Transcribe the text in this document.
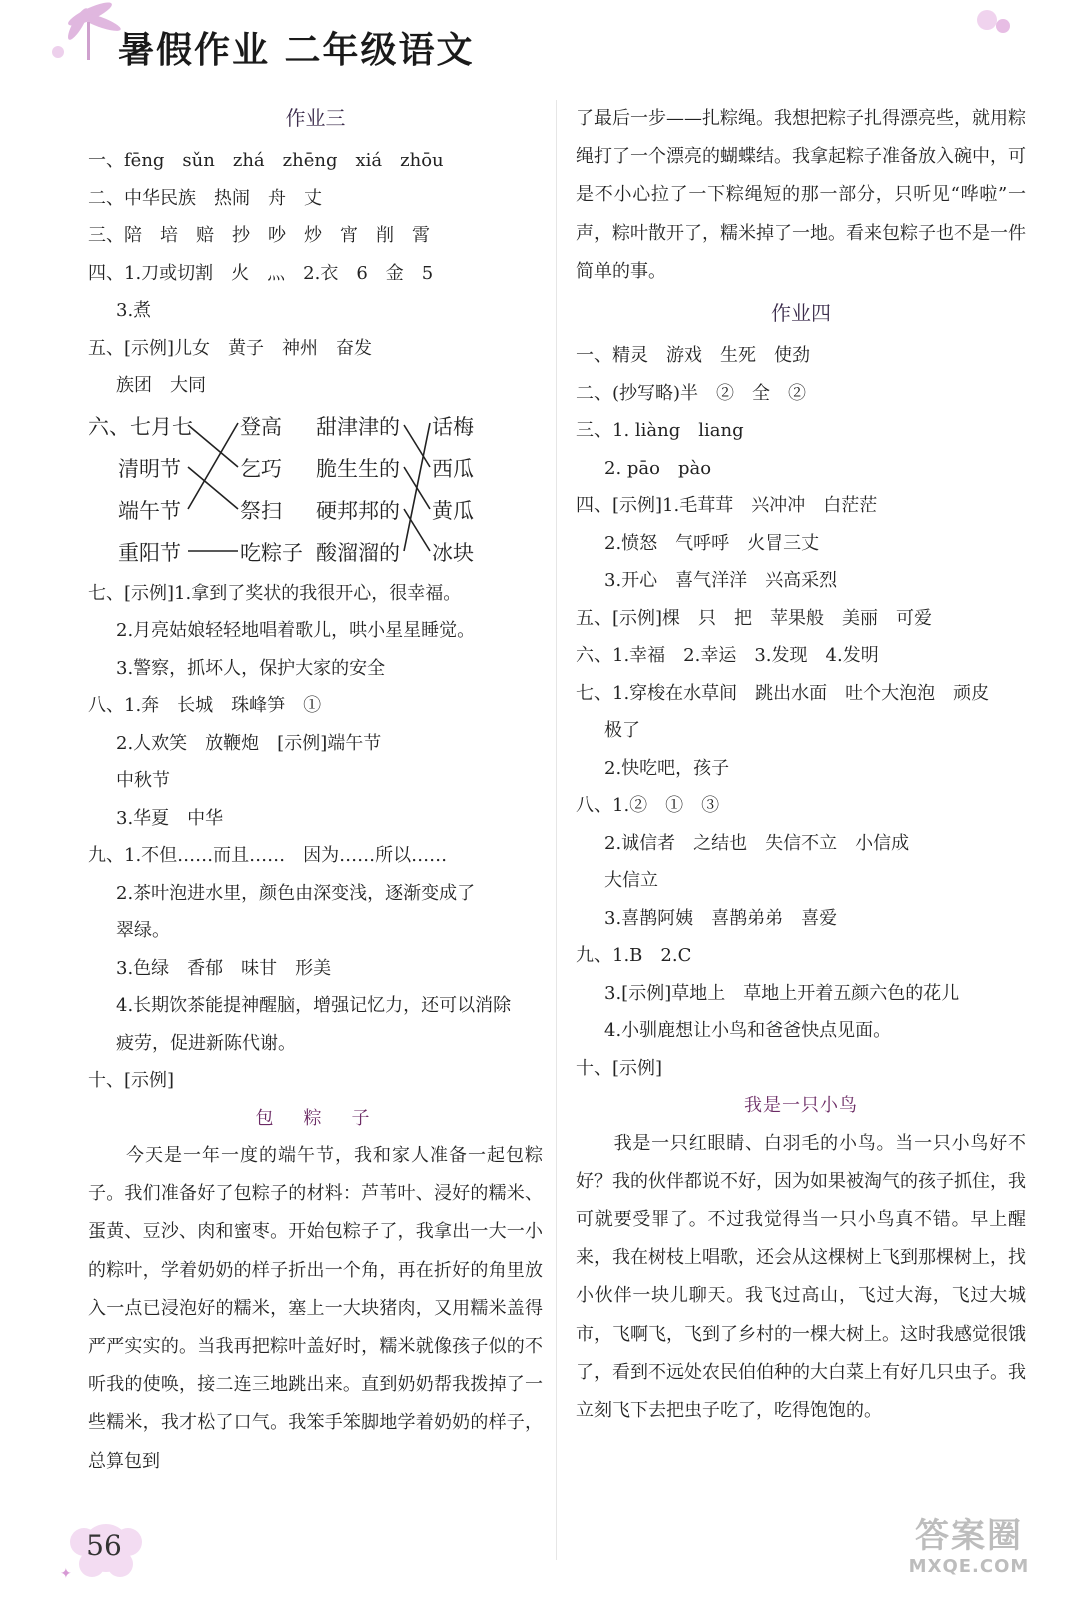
暑假作业 二年级语文
作业三
一、fēng　sǔn　zhá　zhēng　xiá　zhōu
二、中华民族　热闹　舟　丈
三、陪　培　赔　抄　吵　炒　宵　削　霄
四、1.刀或切割　火　灬　2.衣　6　金　5
3.煮
五、[示例]儿女　黄子　神州　奋发
族团　大同
六、七月七
清明节
端午节
重阳节
登高
乞巧
祭扫
吃粽子
甜津津的
脆生生的
硬邦邦的
酸溜溜的
话梅
西瓜
黄瓜
冰块
七、[示例]1.拿到了奖状的我很开心，很幸福。
2.月亮姑娘轻轻地唱着歌儿，哄小星星睡觉。
3.警察，抓坏人，保护大家的安全
八、1.奔　长城　珠峰笋　①
2.人欢笑　放鞭炮　[示例]端午节
中秋节
3.华夏　中华
九、1.不但……而且……　因为……所以……
2.茶叶泡进水里，颜色由深变浅，逐渐变成了
翠绿。
3.色绿　香郁　味甘　形美
4.长期饮茶能提神醒脑，增强记忆力，还可以消除
疲劳，促进新陈代谢。
十、[示例]
包　粽　子

　　今天是一年一度的端午节，我和家人准备一起包粽子。我们准备好了包粽子的材料：芦苇叶、浸好的糯米、蛋黄、豆沙、肉和蜜枣。开始包粽子了，我拿出一大一小的粽叶，学着奶奶的样子折出一个角，再在折好的角里放入一点已浸泡好的糯米，塞上一大块猪肉，又用糯米盖得严严实实的。当我再把粽叶盖好时，糯米就像孩子似的不听我的使唤，接二连三地跳出来。直到奶奶帮我拨掉了一些糯米，我才松了口气。我笨手笨脚地学着奶奶的样子，总算包到

了最后一步——扎粽绳。我想把粽子扎得漂亮些，就用粽绳打了一个漂亮的蝴蝶结。我拿起粽子准备放入碗中，可是不小心拉了一下粽绳短的那一部分，只听见“哗啦”一声，粽叶散开了，糯米掉了一地。看来包粽子也不是一件简单的事。

作业四
一、精灵　游戏　生死　使劲
二、(抄写略)半　②　全　②
三、1. liàng　liang
2. pāo　pào
四、[示例]1.毛茸茸　兴冲冲　白茫茫
2.愤怒　气呼呼　火冒三丈
3.开心　喜气洋洋　兴高采烈
五、[示例]棵　只　把　苹果般　美丽　可爱
六、1.幸福　2.幸运　3.发现　4.发明
七、1.穿梭在水草间　跳出水面　吐个大泡泡　顽皮
极了
2.快吃吧，孩子
八、1.②　①　③
2.诚信者　之结也　失信不立　小信成
大信立
3.喜鹊阿姨　喜鹊弟弟　喜爱
九、1.B　2.C
3.[示例]草地上　草地上开着五颜六色的花儿
4.小驯鹿想让小鸟和爸爸快点见面。
十、[示例]
我是一只小鸟

　　我是一只红眼睛、白羽毛的小鸟。当一只小鸟好不好？我的伙伴都说不好，因为如果被淘气的孩子抓住，我可就要受罪了。不过我觉得当一只小鸟真不错。早上醒来，我在树枝上唱歌，还会从这棵树上飞到那棵树上，找小伙伴一块儿聊天。我飞过高山，飞过大海，飞过大城市，飞啊飞，飞到了乡村的一棵大树上。这时我感觉很饿了，看到不远处农民伯伯种的大白菜上有好几只虫子。我立刻飞下去把虫子吃了，吃得饱饱的。

✦
56	答案圈
MXQE.COM
